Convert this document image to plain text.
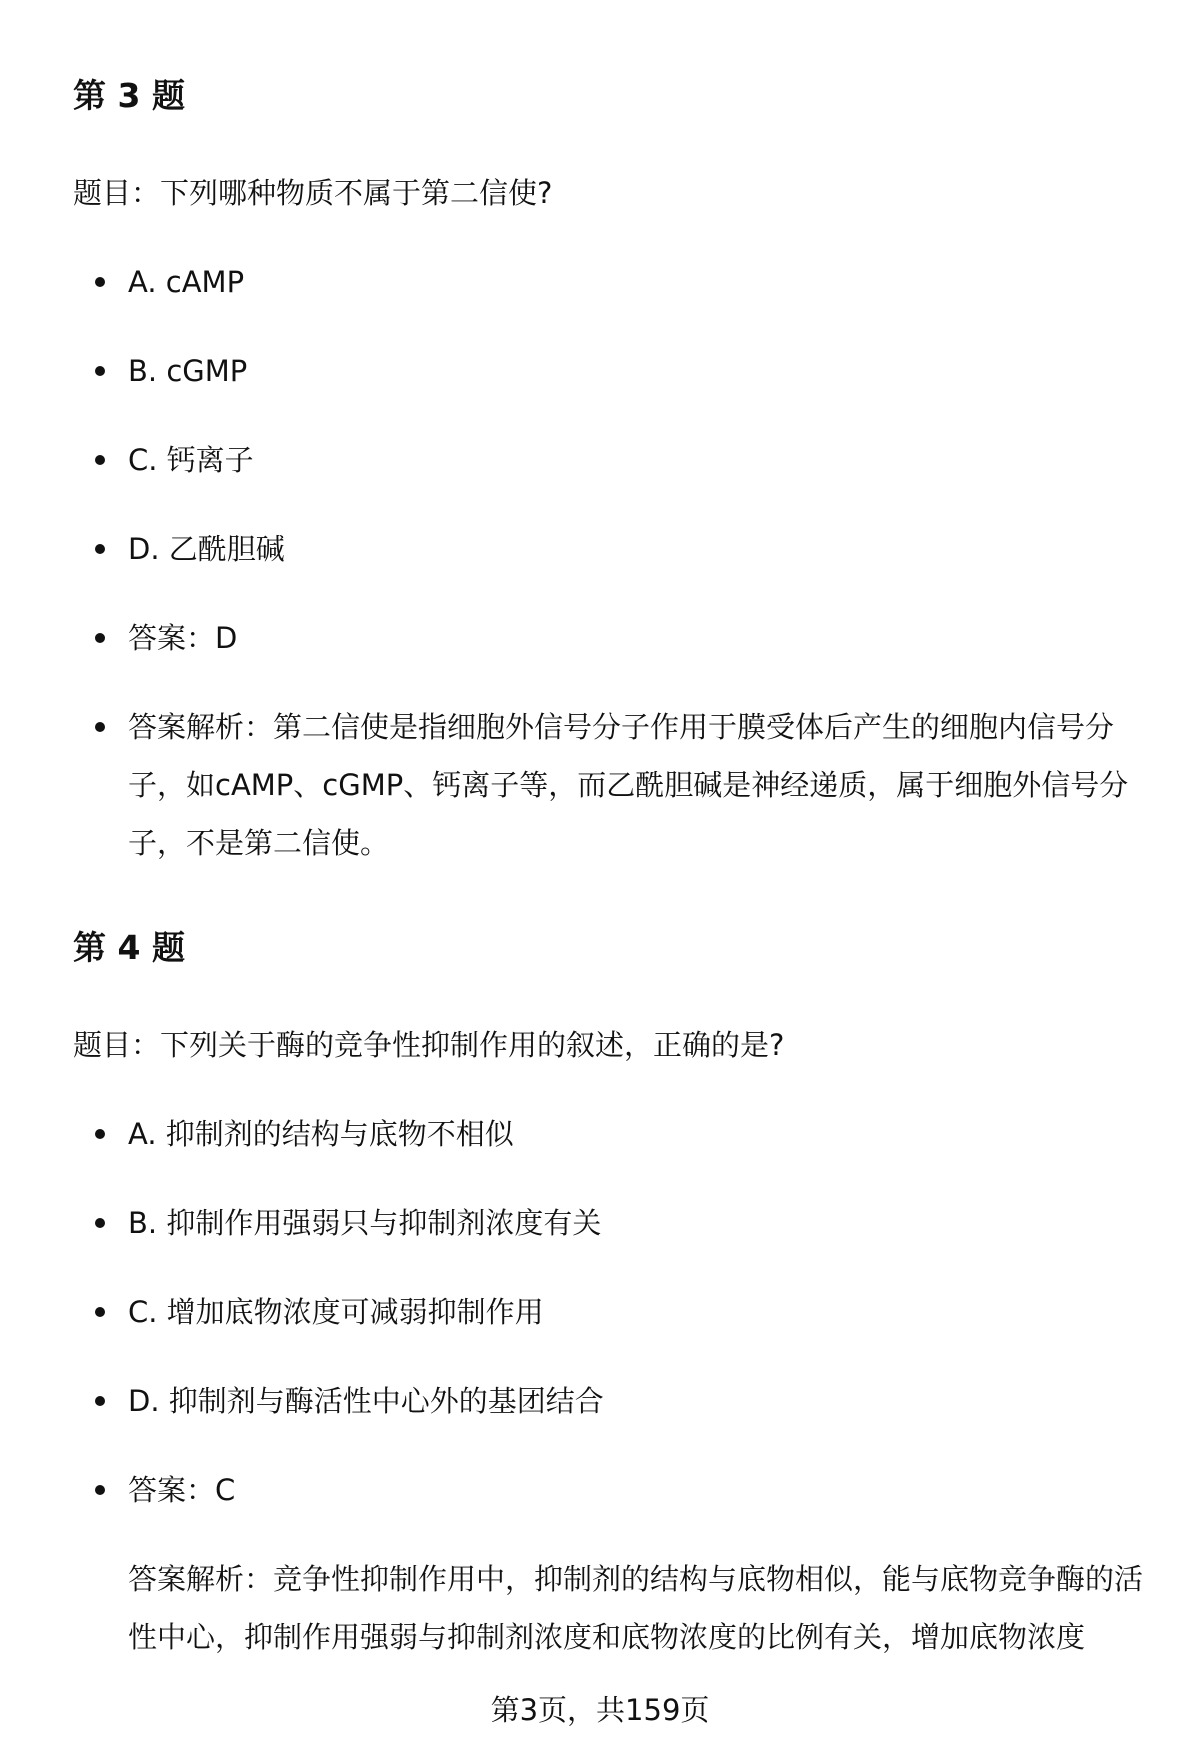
第 3 题

题目：下列哪种物质不属于第二信使?

A. cAMP
B. cGMP
C. 钙离子
D. 乙酰胆碱
答案：D
答案解析：第二信使是指细胞外信号分子作用于膜受体后产生的细胞内信号分子，如cAMP、cGMP、钙离子等，而乙酰胆碱是神经递质，属于细胞外信号分子，不是第二信使。
第 4 题

题目：下列关于酶的竞争性抑制作用的叙述，正确的是?

A. 抑制剂的结构与底物不相似
B. 抑制作用强弱只与抑制剂浓度有关
C. 增加底物浓度可减弱抑制作用
D. 抑制剂与酶活性中心外的基团结合
答案：C
答案解析：竞争性抑制作用中，抑制剂的结构与底物相似，能与底物竞争酶的活性中心，抑制作用强弱与抑制剂浓度和底物浓度的比例有关，增加底物浓度
第3页，共159页
